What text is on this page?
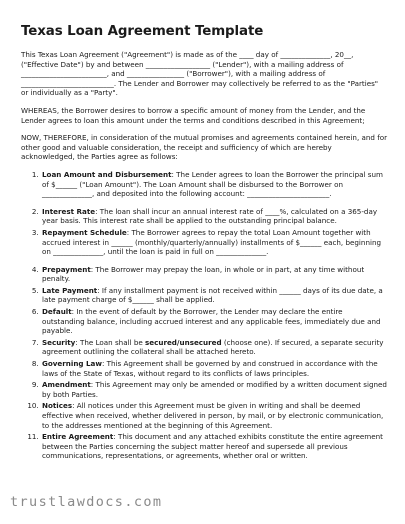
Texas Loan Agreement Template

This Texas Loan Agreement ("Agreement") is made as of the ____ day of ______________, 20__, ("Effective Date") by and between __________________ ("Lender"), with a mailing address of ________________________, and ________________ ("Borrower"), with a mailing address of __________________________. The Lender and Borrower may collectively be referred to as the "Parties" or individually as a "Party".

WHEREAS, the Borrower desires to borrow a specific amount of money from the Lender, and the Lender agrees to loan this amount under the terms and conditions described in this Agreement;

NOW, THEREFORE, in consideration of the mutual promises and agreements contained herein, and for other good and valuable consideration, the receipt and sufficiency of which are hereby acknowledged, the Parties agree as follows:

1. Loan Amount and Disbursement: The Lender agrees to loan the Borrower the principal sum of $______ ("Loan Amount"). The Loan Amount shall be disbursed to the Borrower on ______________, and deposited into the following account: _______________________.
2. Interest Rate: The loan shall incur an annual interest rate of ____%, calculated on a 365-day year basis. This interest rate shall be applied to the outstanding principal balance.
3. Repayment Schedule: The Borrower agrees to repay the total Loan Amount together with accrued interest in ______ (monthly/quarterly/annually) installments of $______ each, beginning on ______________, until the loan is paid in full on ______________.
4. Prepayment: The Borrower may prepay the loan, in whole or in part, at any time without penalty.
5. Late Payment: If any installment payment is not received within ______ days of its due date, a late payment charge of $______ shall be applied.
6. Default: In the event of default by the Borrower, the Lender may declare the entire outstanding balance, including accrued interest and any applicable fees, immediately due and payable.
7. Security: The Loan shall be secured/unsecured (choose one). If secured, a separate security agreement outlining the collateral shall be attached hereto.
8. Governing Law: This Agreement shall be governed by and construed in accordance with the laws of the State of Texas, without regard to its conflicts of laws principles.
9. Amendment: This Agreement may only be amended or modified by a written document signed by both Parties.
10. Notices: All notices under this Agreement must be given in writing and shall be deemed effective when received, whether delivered in person, by mail, or by electronic communication, to the addresses mentioned at the beginning of this Agreement.
11. Entire Agreement: This document and any attached exhibits constitute the entire agreement between the Parties concerning the subject matter hereof and supersede all previous communications, representations, or agreements, whether oral or written.
trustlawdocs.com
